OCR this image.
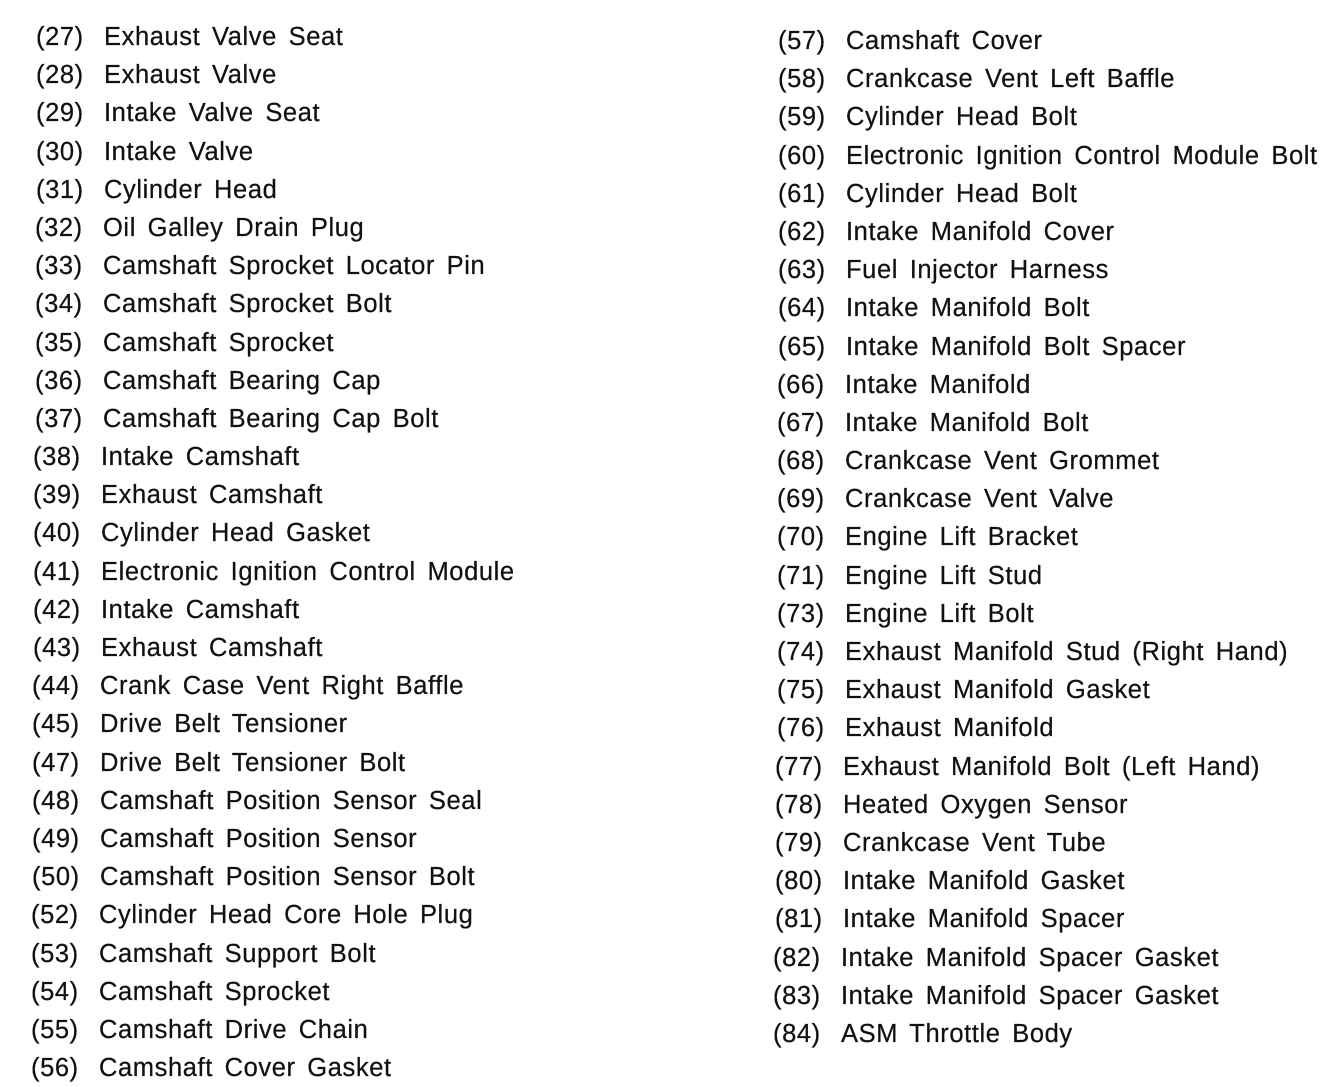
(27) Exhaust Valve Seat
(28) Exhaust Valve
(29) Intake Valve Seat
(30) Intake Valve
(31) Cylinder Head
(32) Oil Galley Drain Plug
(33) Camshaft Sprocket Locator Pin
(34) Camshaft Sprocket Bolt
(35) Camshaft Sprocket
(36) Camshaft Bearing Cap
(37) Camshaft Bearing Cap Bolt
(38) Intake Camshaft
(39) Exhaust Camshaft
(40) Cylinder Head Gasket
(41) Electronic Ignition Control Module
(42) Intake Camshaft
(43) Exhaust Camshaft
(44) Crank Case Vent Right Baffle
(45) Drive Belt Tensioner
(47) Drive Belt Tensioner Bolt
(48) Camshaft Position Sensor Seal
(49) Camshaft Position Sensor
(50) Camshaft Position Sensor Bolt
(52) Cylinder Head Core Hole Plug
(53) Camshaft Support Bolt
(54) Camshaft Sprocket
(55) Camshaft Drive Chain
(56) Camshaft Cover Gasket
(57) Camshaft Cover
(58) Crankcase Vent Left Baffle
(59) Cylinder Head Bolt
(60) Electronic Ignition Control Module Bolt
(61) Cylinder Head Bolt
(62) Intake Manifold Cover
(63) Fuel Injector Harness
(64) Intake Manifold Bolt
(65) Intake Manifold Bolt Spacer
(66) Intake Manifold
(67) Intake Manifold Bolt
(68) Crankcase Vent Grommet
(69) Crankcase Vent Valve
(70) Engine Lift Bracket
(71) Engine Lift Stud
(73) Engine Lift Bolt
(74) Exhaust Manifold Stud (Right Hand)
(75) Exhaust Manifold Gasket
(76) Exhaust Manifold
(77) Exhaust Manifold Bolt (Left Hand)
(78) Heated Oxygen Sensor
(79) Crankcase Vent Tube
(80) Intake Manifold Gasket
(81) Intake Manifold Spacer
(82) Intake Manifold Spacer Gasket
(83) Intake Manifold Spacer Gasket
(84) ASM Throttle Body
